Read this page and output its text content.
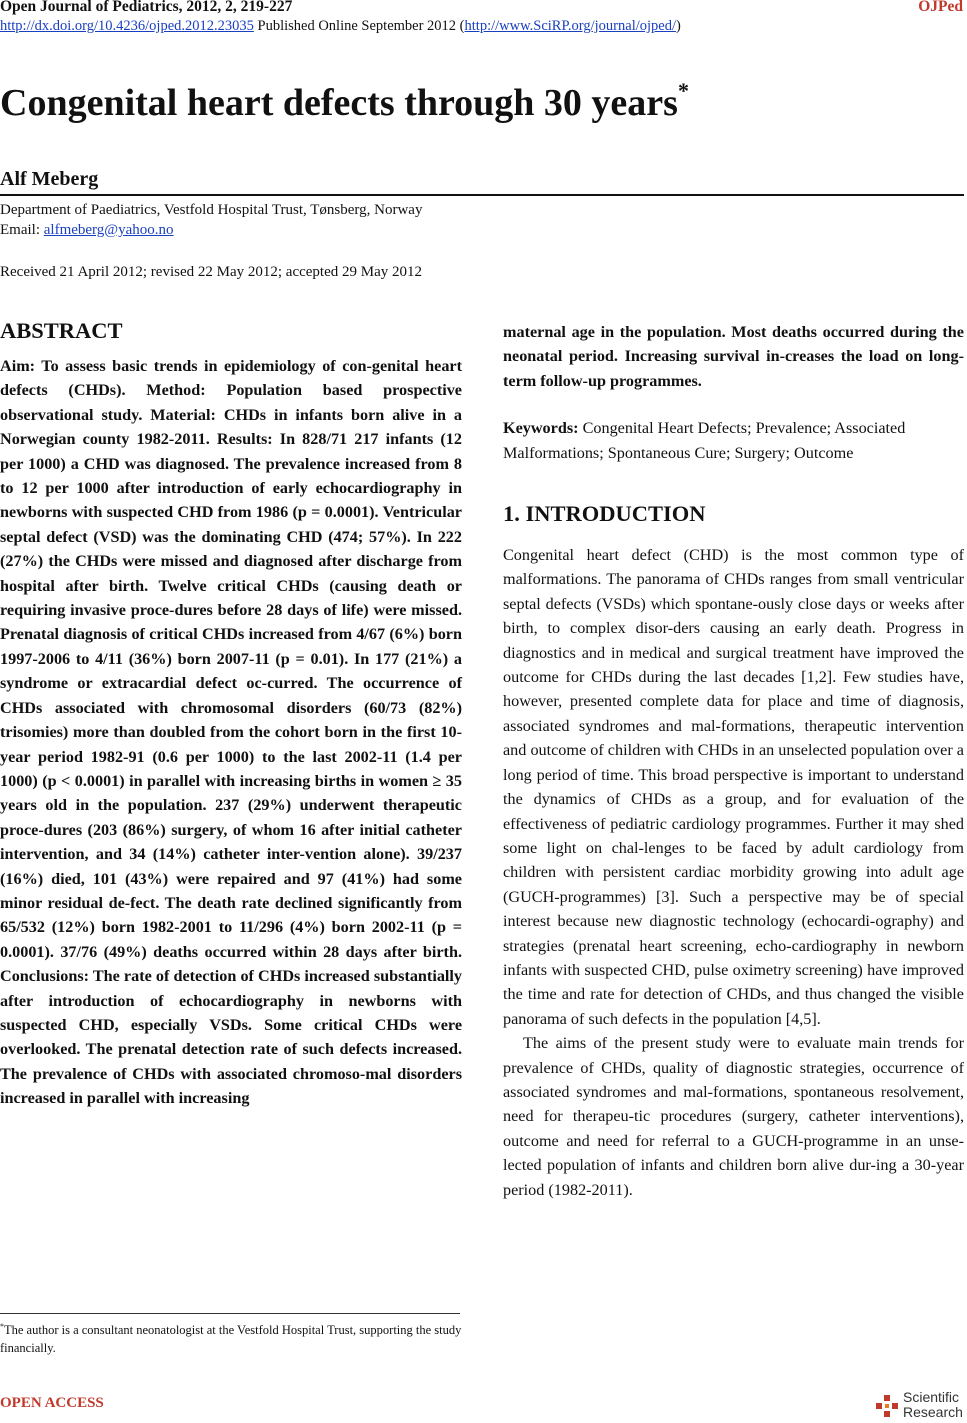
Open Journal of Pediatrics, 2012, 2, 219-227	OJPed
http://dx.doi.org/10.4236/ojped.2012.23035 Published Online September 2012 (http://www.SciRP.org/journal/ojped/)
Congenital heart defects through 30 years*
Alf Meberg
Department of Paediatrics, Vestfold Hospital Trust, Tønsberg, Norway
Email: alfmeberg@yahoo.no
Received 21 April 2012; revised 22 May 2012; accepted 29 May 2012
ABSTRACT
Aim: To assess basic trends in epidemiology of con-genital heart defects (CHDs). Method: Population based prospective observational study. Material: CHDs in infants born alive in a Norwegian county 1982-2011. Results: In 828/71 217 infants (12 per 1000) a CHD was diagnosed. The prevalence increased from 8 to 12 per 1000 after introduction of early echocardiography in newborns with suspected CHD from 1986 (p = 0.0001). Ventricular septal defect (VSD) was the dominating CHD (474; 57%). In 222 (27%) the CHDs were missed and diagnosed after discharge from hospital after birth. Twelve critical CHDs (causing death or requiring invasive proce-dures before 28 days of life) were missed. Prenatal diagnosis of critical CHDs increased from 4/67 (6%) born 1997-2006 to 4/11 (36%) born 2007-11 (p = 0.01). In 177 (21%) a syndrome or extracardial defect oc-curred. The occurrence of CHDs associated with chromosomal disorders (60/73 (82%) trisomies) more than doubled from the cohort born in the first 10-year period 1982-91 (0.6 per 1000) to the last 2002-11 (1.4 per 1000) (p < 0.0001) in parallel with increasing births in women ≥ 35 years old in the population. 237 (29%) underwent therapeutic proce-dures (203 (86%) surgery, of whom 16 after initial catheter intervention, and 34 (14%) catheter inter-vention alone). 39/237 (16%) died, 101 (43%) were repaired and 97 (41%) had some minor residual de-fect. The death rate declined significantly from 65/532 (12%) born 1982-2001 to 11/296 (4%) born 2002-11 (p = 0.0001). 37/76 (49%) deaths occurred within 28 days after birth. Conclusions: The rate of detection of CHDs increased substantially after introduction of echocardiography in newborns with suspected CHD, especially VSDs. Some critical CHDs were overlooked. The prenatal detection rate of such defects increased. The prevalence of CHDs with associated chromoso-mal disorders increased in parallel with increasing
maternal age in the population. Most deaths occurred during the neonatal period. Increasing survival in-creases the load on long-term follow-up programmes.
Keywords: Congenital Heart Defects; Prevalence; Associated Malformations; Spontaneous Cure; Surgery; Outcome
1. INTRODUCTION

Congenital heart defect (CHD) is the most common type of malformations. The panorama of CHDs ranges from small ventricular septal defects (VSDs) which spontane-ously close days or weeks after birth, to complex disor-ders causing an early death. Progress in diagnostics and in medical and surgical treatment have improved the outcome for CHDs during the last decades [1,2]. Few studies have, however, presented complete data for place and time of diagnosis, associated syndromes and mal-formations, therapeutic intervention and outcome of children with CHDs in an unselected population over a long period of time. This broad perspective is important to understand the dynamics of CHDs as a group, and for evaluation of the effectiveness of pediatric cardiology programmes. Further it may shed some light on chal-lenges to be faced by adult cardiology from children with persistent cardiac morbidity growing into adult age (GUCH-programmes) [3]. Such a perspective may be of special interest because new diagnostic technology (echocardi-ography) and strategies (prenatal heart screening, echo-cardiography in newborn infants with suspected CHD, pulse oximetry screening) have improved the time and rate for detection of CHDs, and thus changed the visible panorama of such defects in the population [4,5].

The aims of the present study were to evaluate main trends for prevalence of CHDs, quality of diagnostic strategies, occurrence of associated syndromes and mal-formations, spontaneous resolvement, need for therapeu-tic procedures (surgery, catheter interventions), outcome and need for referral to a GUCH-programme in an unse-lected population of infants and children born alive dur-ing a 30-year period (1982-2011).

*The author is a consultant neonatologist at the Vestfold Hospital Trust, supporting the study financially.
OPEN ACCESS	Scientific
Research
